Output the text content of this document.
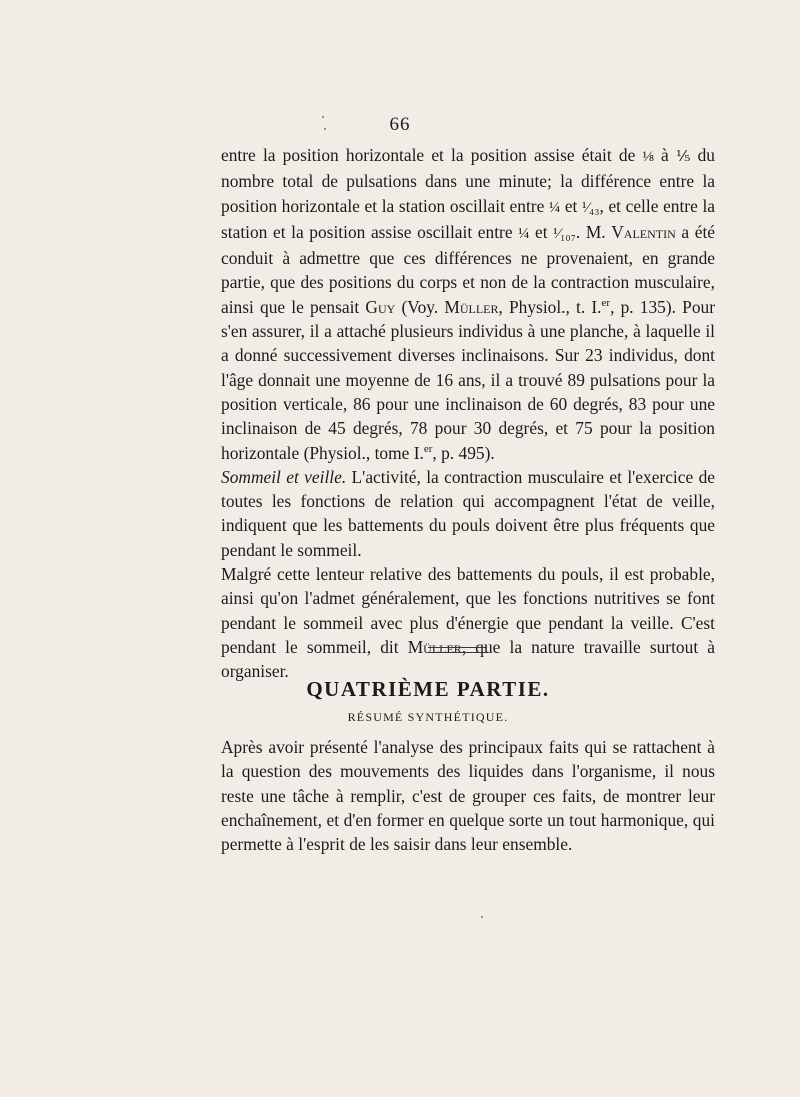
66

entre la position horizontale et la position assise était de ⅛ à ⅕ du nombre total de pulsations dans une minute; la différence entre la position horizontale et la station oscillait entre ¼ et ¹⁄₄₃, et celle entre la station et la position assise oscillait entre ¼ et ¹⁄₁₀₇. M. Valentin a été conduit à admettre que ces différences ne provenaient, en grande partie, que des positions du corps et non de la contraction musculaire, ainsi que le pensait Guy (Voy. Müller, Physiol., t. I.$^{er}$, p. 135). Pour s'en assurer, il a attaché plusieurs individus à une planche, à laquelle il a donné successivement diverses inclinaisons. Sur 23 individus, dont l'âge donnait une moyenne de 16 ans, il a trouvé 89 pulsations pour la position verticale, 86 pour une inclinaison de 60 degrés, 83 pour une inclinaison de 45 degrés, 78 pour 30 degrés, et 75 pour la position horizontale (Physiol., tome I.$^{er}$, p. 495).

Sommeil et veille. L'activité, la contraction musculaire et l'exercice de toutes les fonctions de relation qui accompagnent l'état de veille, indiquent que les battements du pouls doivent être plus fréquents que pendant le sommeil.

Malgré cette lenteur relative des battements du pouls, il est probable, ainsi qu'on l'admet généralement, que les fonctions nutritives se font pendant le sommeil avec plus d'énergie que pendant la veille. C'est pendant le sommeil, dit Müller, que la nature travaille surtout à organiser.

QUATRIÈME PARTIE.
RÉSUMÉ SYNTHÉTIQUE.

Après avoir présenté l'analyse des principaux faits qui se rattachent à la question des mouvements des liquides dans l'organisme, il nous reste une tâche à remplir, c'est de grouper ces faits, de montrer leur enchaînement, et d'en former en quelque sorte un tout harmonique, qui permette à l'esprit de les saisir dans leur ensemble.
